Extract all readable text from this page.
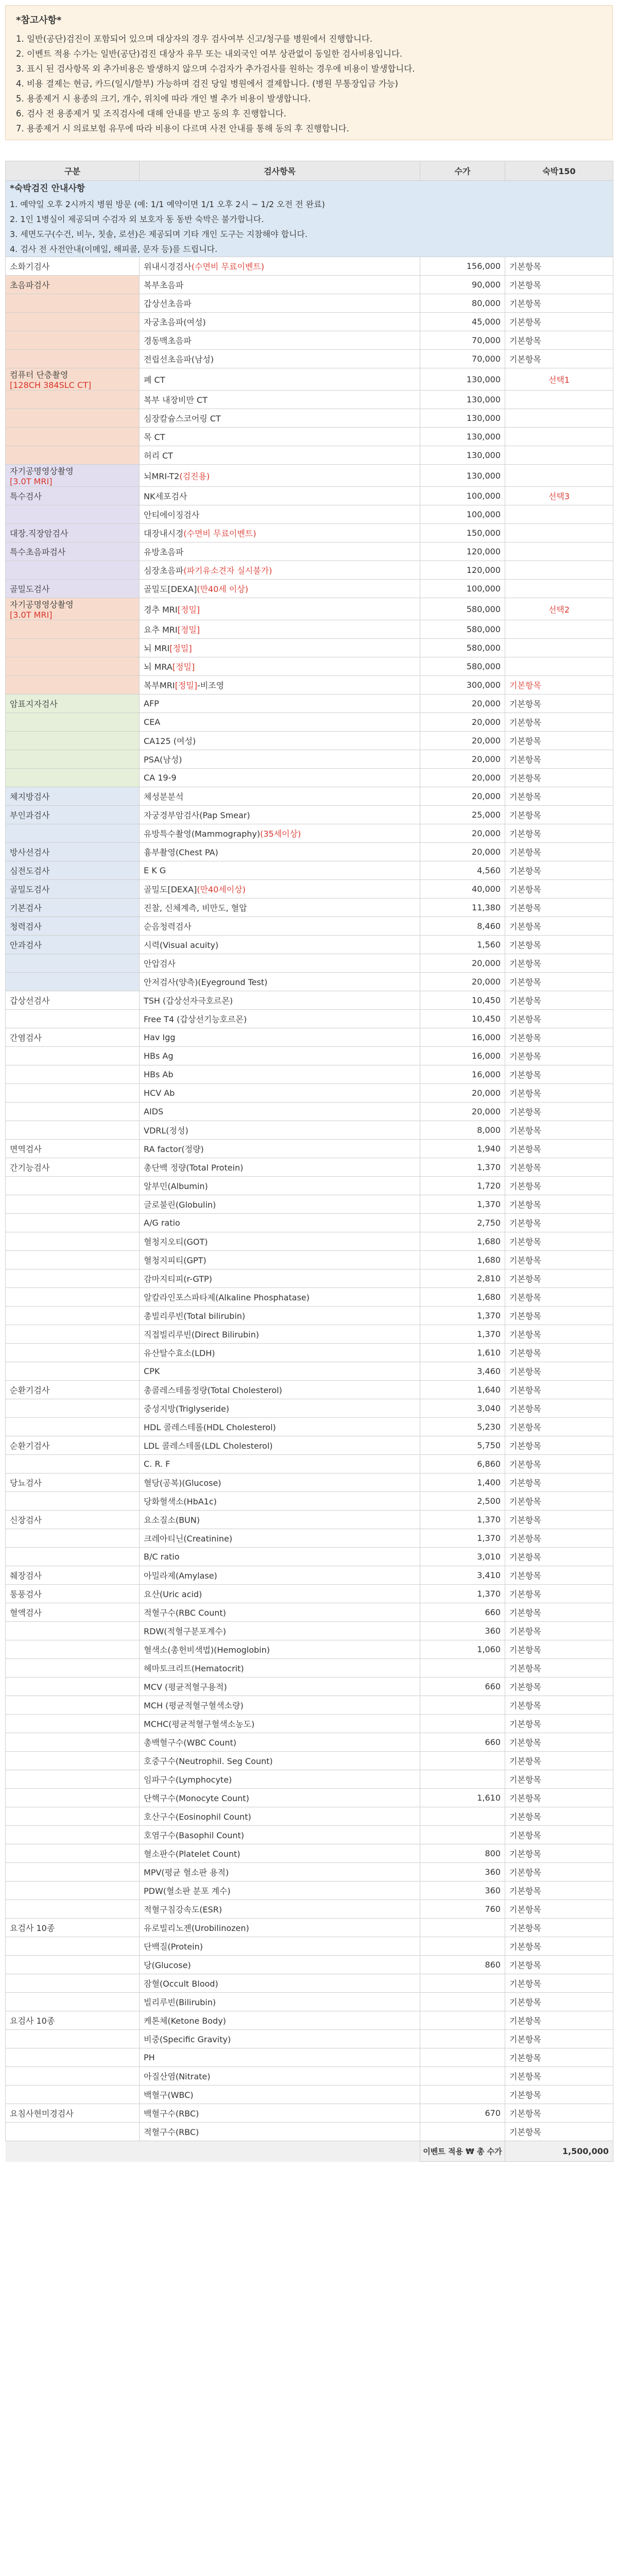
*참고사항*
1. 일반(공단)검진이 포함되어 있으며 대상자의 경우 검사여부 신고/청구를 병원에서 진행합니다.
2. 이벤트 적용 수가는 일반(공단)검진 대상자 유무 또는 내외국인 여부 상관없이 동일한 검사비용입니다.
3. 표시 된 검사항목 외 추가비용은 발생하지 않으며 수검자가 추가검사를 원하는 경우에 비용이 발생합니다.
4. 비용 결제는 현금, 카드(일시/할부) 가능하며 검진 당일 병원에서 결제합니다. (병원 무통장입금 가능)
5. 용종제거 시 용종의 크기, 개수, 위치에 따라 개인 별 추가 비용이 발생합니다.
6. 검사 전 용종제거 및 조직검사에 대해 안내를 받고 동의 후 진행합니다.
7. 용종제거 시 의료보험 유무에 따라 비용이 다르며 사전 안내를 통해 동의 후 진행합니다.
구분	검사항목	수가	숙박150

*숙박검진 안내사항
1. 예약일 오후 2시까지 병원 방문 (예: 1/1 예약이면 1/1 오후 2시 ~ 1/2 오전 전 완료)
2. 1인 1병실이 제공되며 수검자 외 보호자 동 동반 숙박은 불가합니다.
3. 세면도구(수건, 비누, 칫솔, 로션)은 제공되며 기타 개인 도구는 지참해야 합니다.
4. 검사 전 사전안내(이메일, 해피콜, 문자 등)를 드립니다.			

소화기검사	위내시경검사(수면비 무료이벤트)	156,000	기본항목

초음파검사	복부초음파	90,000	기본항목

	갑상선초음파	80,000	기본항목

	자궁초음파(여성)	45,000	기본항목

	경동맥초음파	70,000	기본항목

	전립선초음파(남성)	70,000	기본항목

컴퓨터 단층촬영
[128CH 384SLC CT]	폐 CT	130,000	선택1

	복부 내장비만 CT	130,000	

	심장칼슘스코어링 CT	130,000	

	목 CT	130,000	

	허리 CT	130,000	

자기공명영상촬영
[3.0T MRI]	뇌MRI-T2(검진용)	130,000	

특수검사	NK세포검사	100,000	선택3

	안티에이징검사	100,000	

대장.직장암검사	대장내시경(수면비 무료이벤트)	150,000	

특수초음파검사	유방초음파	120,000	

	심장초음파(파기유소견자 실시불가)	120,000	

골밀도검사	골밀도[DEXA](만40세 이상)	100,000	

자기공명영상촬영
[3.0T MRI]	경추 MRI[정밀]	580,000	선택2

	요추 MRI[정밀]	580,000	

	뇌 MRI[정밀]	580,000	

	뇌 MRA[정밀]	580,000	

	복부MRI[정밀]-비조영	300,000	기본항목

암표지자검사	AFP	20,000	기본항목

	CEA	20,000	기본항목

	CA125 (여성)	20,000	기본항목

	PSA(남성)	20,000	기본항목

	CA 19-9	20,000	기본항목

체지방검사	체성분분석	20,000	기본항목

부인과검사	자궁경부암검사(Pap Smear)	25,000	기본항목

	유방특수촬영(Mammography)(35세이상)	20,000	기본항목

방사선검사	흉부촬영(Chest PA)	20,000	기본항목

심전도검사	E K G	4,560	기본항목

골밀도검사	골밀도[DEXA](만40세이상)	40,000	기본항목

기본검사	진찰, 신체계측, 비만도, 혈압	11,380	기본항목

청력검사	순음청력검사	8,460	기본항목

안과검사	시력(Visual acuity)	1,560	기본항목

	안압검사	20,000	기본항목

	안저검사(양측)(Eyeground Test)	20,000	기본항목

갑상선검사	TSH (갑상선자극호르몬)	10,450	기본항목

	Free T4 (갑상선기능호르몬)	10,450	기본항목

간염검사	Hav Igg	16,000	기본항목

	HBs Ag	16,000	기본항목

	HBs Ab	16,000	기본항목

	HCV Ab	20,000	기본항목

	AIDS	20,000	기본항목

	VDRL(정성)	8,000	기본항목

면역검사	RA factor(정량)	1,940	기본항목

간기능검사	총단백 정량(Total Protein)	1,370	기본항목

	알부민(Albumin)	1,720	기본항목

	글로불린(Globulin)	1,370	기본항목

	A/G ratio	2,750	기본항목

	혈청지오티(GOT)	1,680	기본항목

	혈청지피티(GPT)	1,680	기본항목

	감마지티피(r-GTP)	2,810	기본항목

	알칼라인포스파타제(Alkaline Phosphatase)	1,680	기본항목

	총빌리루빈(Total bilirubin)	1,370	기본항목

	직접빌리루빈(Direct Bilirubin)	1,370	기본항목

	유산탈수효소(LDH)	1,610	기본항목

	CPK	3,460	기본항목

순환기검사	총콜레스테롤정량(Total Cholesterol)	1,640	기본항목

	중성지방(Triglyseride)	3,040	기본항목

	HDL 콜레스테롤(HDL Cholesterol)	5,230	기본항목

순환기검사	LDL 콜레스테롤(LDL Cholesterol)	5,750	기본항목

	C. R. F	6,860	기본항목

당뇨검사	혈당(공복)(Glucose)	1,400	기본항목

	당화혈색소(HbA1c)	2,500	기본항목

신장검사	요소질소(BUN)	1,370	기본항목

	크레아티닌(Creatinine)	1,370	기본항목

	B/C ratio	3,010	기본항목

췌장검사	아밀라제(Amylase)	3,410	기본항목

통풍검사	요산(Uric acid)	1,370	기본항목

혈액검사	적혈구수(RBC Count)	660	기본항목

	RDW(적혈구분포계수)	360	기본항목

	혈색소(총헌비색법)(Hemoglobin)	1,060	기본항목

	헤마토크리트(Hematocrit)		기본항목

	MCV (평균적혈구용적)	660	기본항목

	MCH (평균적혈구혈색소량)		기본항목

	MCHC(평균적혈구혈색소농도)		기본항목

	총백혈구수(WBC Count)	660	기본항목

	호중구수(Neutrophil. Seg Count)		기본항목

	임파구수(Lymphocyte)		기본항목

	단핵구수(Monocyte Count)	1,610	기본항목

	호산구수(Eosinophil Count)		기본항목

	호염구수(Basophil Count)		기본항목

	혈소판수(Platelet Count)	800	기본항목

	MPV(평균 혈소판 용적)	360	기본항목

	PDW(혈소판 분포 계수)	360	기본항목

	적혈구침강속도(ESR)	760	기본항목

요검사 10종	유로빌리노젠(Urobilinozen)		기본항목

	단백질(Protein)		기본항목

	당(Glucose)	860	기본항목

	잠혈(Occult Blood)		기본항목

	빌리루빈(Bilirubin)		기본항목

요검사 10종	케톤체(Ketone Body)		기본항목

	비중(Specific Gravity)		기본항목

	PH		기본항목

	아질산염(Nitrate)		기본항목

	백혈구(WBC)		기본항목

요침사현미경검사	백혈구수(RBC)	670	기본항목

	적혈구수(RBC)		기본항목
		이벤트 적용 ₩ 총 수가	1,500,000
